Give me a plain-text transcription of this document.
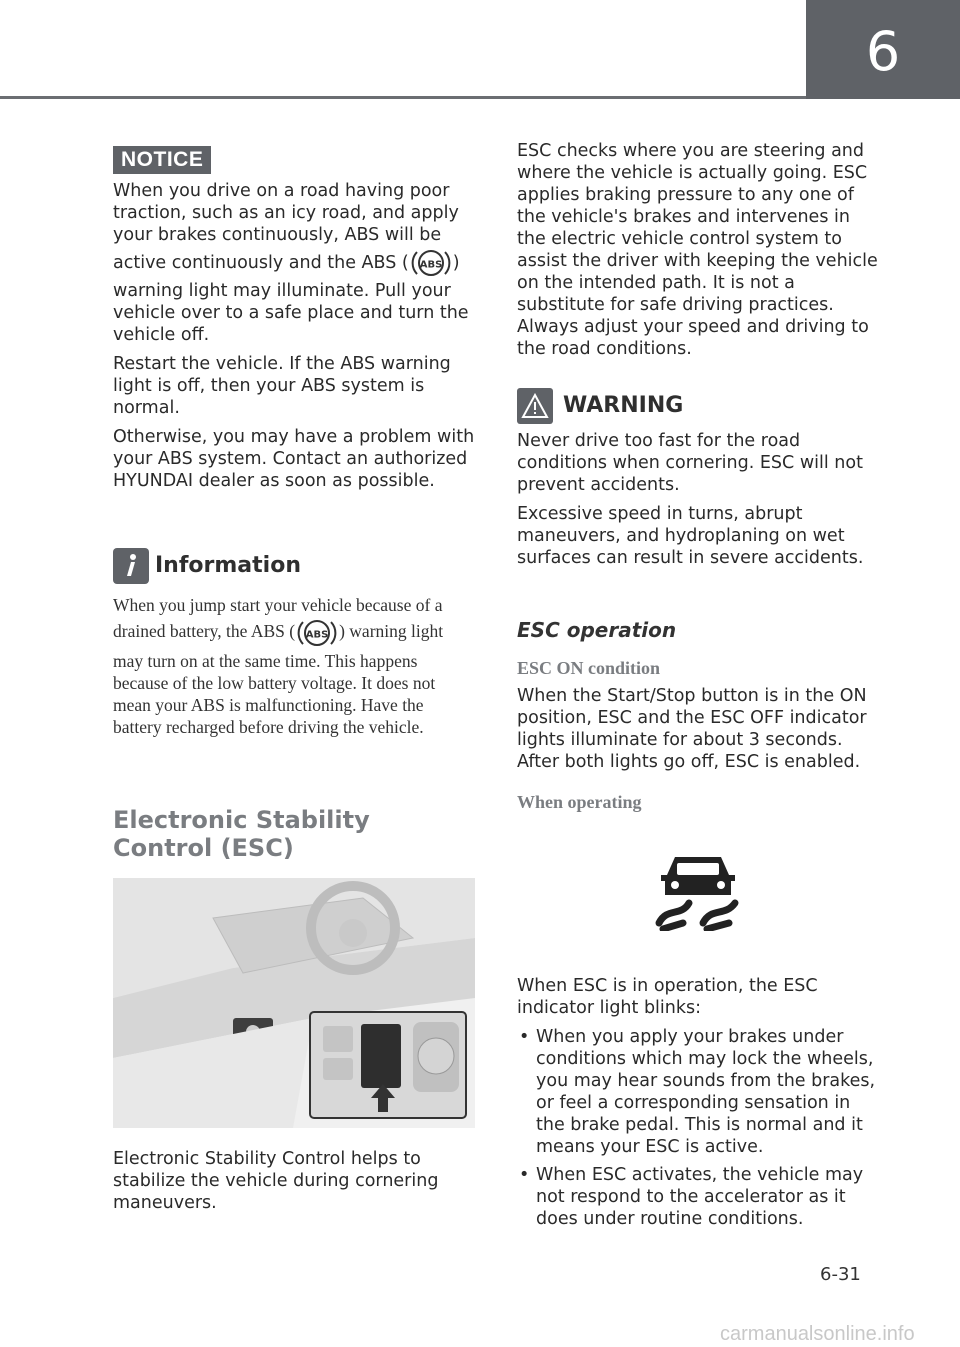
6
NOTICE

When you drive on a road having poor traction, such as an icy road, and apply your brakes continuously, ABS will be active continuously and the ABS ( ABS ) warning light may illuminate. Pull your vehicle over to a safe place and turn the vehicle off.

Restart the vehicle. If the ABS warning light is off, then your ABS system is normal.

Otherwise, you may have a problem with your ABS system. Contact an authorized HYUNDAI dealer as soon as possible.

Information

When you jump start your vehicle because of a drained battery, the ABS ( ABS ) warning light may turn on at the same time. This happens because of the low battery voltage. It does not mean your ABS is malfunctioning. Have the battery recharged before driving the vehicle.

Electronic Stability Control (ESC)

Electronic Stability Control helps to stabilize the vehicle during cornering maneuvers.

ESC checks where you are steering and where the vehicle is actually going. ESC applies braking pressure to any one of the vehicle's brakes and intervenes in the electric vehicle control system to assist the driver with keeping the vehicle on the intended path. It is not a substitute for safe driving practices. Always adjust your speed and driving to the road conditions.

WARNING

Never drive too fast for the road conditions when cornering. ESC will not prevent accidents.

Excessive speed in turns, abrupt maneuvers, and hydroplaning on wet surfaces can result in severe accidents.

ESC operation
ESC ON condition

When the Start/Stop button is in the ON position, ESC and the ESC OFF indicator lights illuminate for about 3 seconds. After both lights go off, ESC is enabled.

When operating

When ESC is in operation, the ESC indicator light blinks:

• When you apply your brakes under conditions which may lock the wheels, you may hear sounds from the brakes, or feel a corresponding sensation in the brake pedal. This is normal and it means your ESC is active.
• When ESC activates, the vehicle may not respond to the accelerator as it does under routine conditions.
6-31
carmanualsonline.info
